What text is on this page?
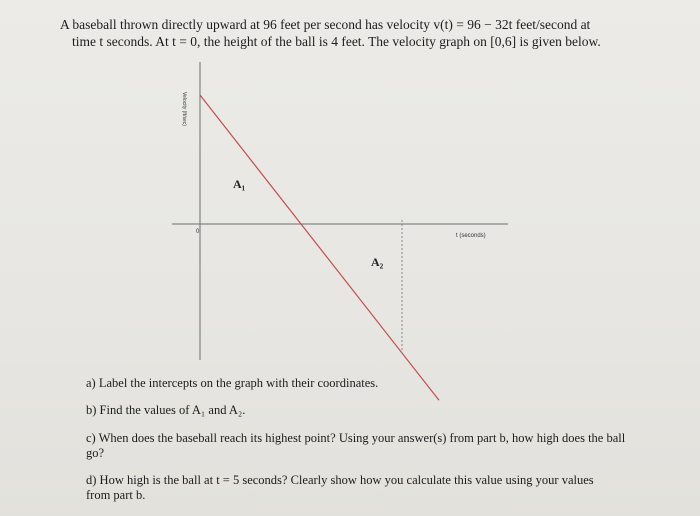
A baseball thrown directly upward at 96 feet per second has velocity v(t) = 96 − 32t feet/second at
time t seconds. At t = 0, the height of the ball is 4 feet. The velocity graph on [0,6] is given below.
Velocity (ft/sec)
0
t (seconds)
A₁
A₂
a) Label the intercepts on the graph with their coordinates.
b) Find the values of A₁ and A₂.
c) When does the baseball reach its highest point? Using your answer(s) from part b, how high does the ball go?
d) How high is the ball at t = 5 seconds? Clearly show how you calculate this value using your values from part b.
